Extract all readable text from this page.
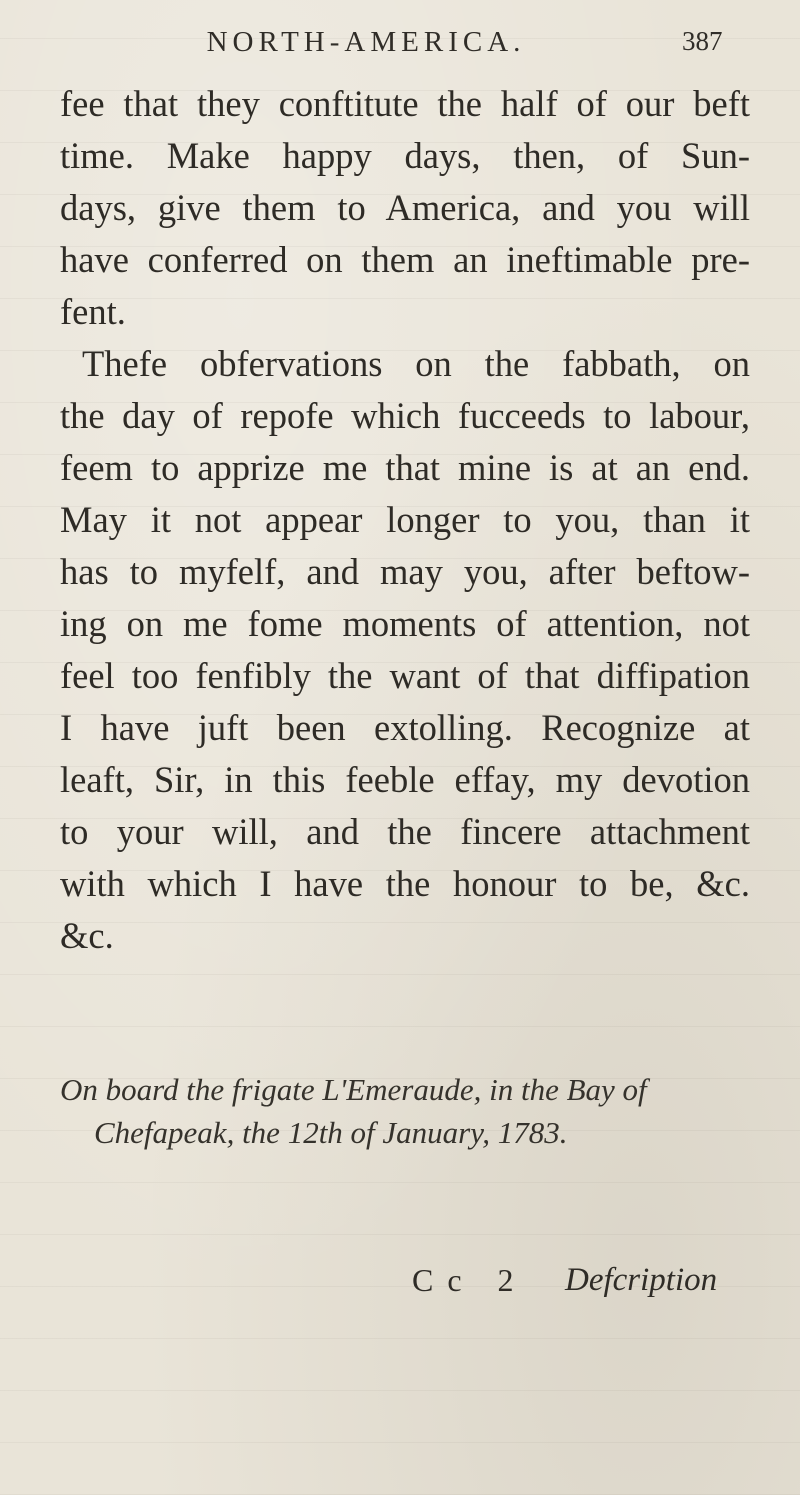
NORTH-AMERICA.	387
fee that they conftitute the half of our beft
time. Make happy days, then, of Sun-
days, give them to America, and you will
have conferred on them an ineftimable pre-
fent.
Thefe obfervations on the fabbath, on
the day of repofe which fucceeds to labour,
feem to apprize me that mine is at an end.
May it not appear longer to you, than it
has to myfelf, and may you, after beftow-
ing on me fome moments of attention, not
feel too fenfibly the want of that diffipation
I have juft been extolling. Recognize at
leaft, Sir, in this feeble effay, my devotion
to your will, and the fincere attachment
with which I have the honour to be, &c.
&c.
On board the frigate L'Emeraude, in the Bay of
Chefapeak, the 12th of January, 1783.
Cc 2 Defcription
